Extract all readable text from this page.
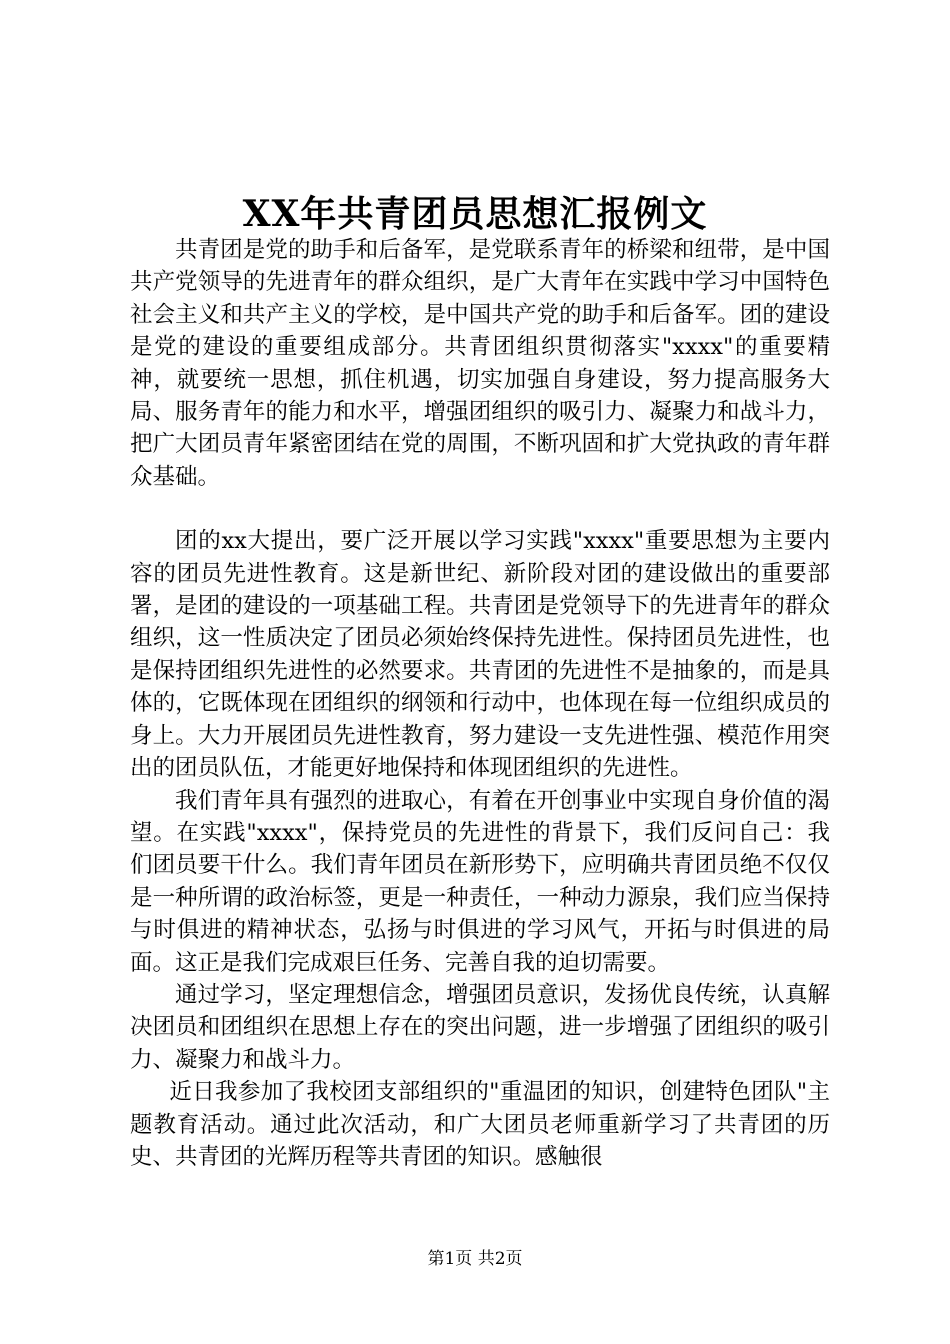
XX年共青团员思想汇报例文

共青团是党的助手和后备军，是党联系青年的桥梁和纽带，是中国共产党领导的先进青年的群众组织，是广大青年在实践中学习中国特色社会主义和共产主义的学校，是中国共产党的助手和后备军。团的建设是党的建设的重要组成部分。共青团组织贯彻落实"xxxx"的重要精神，就要统一思想，抓住机遇，切实加强自身建设，努力提高服务大局、服务青年的能力和水平，增强团组织的吸引力、凝聚力和战斗力，把广大团员青年紧密团结在党的周围，不断巩固和扩大党执政的青年群众基础。

团的xx大提出，要广泛开展以学习实践"xxxx"重要思想为主要内容的团员先进性教育。这是新世纪、新阶段对团的建设做出的重要部署，是团的建设的一项基础工程。共青团是党领导下的先进青年的群众组织，这一性质决定了团员必须始终保持先进性。保持团员先进性，也是保持团组织先进性的必然要求。共青团的先进性不是抽象的，而是具体的，它既体现在团组织的纲领和行动中，也体现在每一位组织成员的身上。大力开展团员先进性教育，努力建设一支先进性强、模范作用突出的团员队伍，才能更好地保持和体现团组织的先进性。

我们青年具有强烈的进取心，有着在开创事业中实现自身价值的渴望。在实践"xxxx"，保持党员的先进性的背景下，我们反问自己：我们团员要干什么。我们青年团员在新形势下，应明确共青团员绝不仅仅是一种所谓的政治标签，更是一种责任，一种动力源泉，我们应当保持与时俱进的精神状态，弘扬与时俱进的学习风气，开拓与时俱进的局面。这正是我们完成艰巨任务、完善自我的迫切需要。

通过学习，坚定理想信念，增强团员意识，发扬优良传统，认真解决团员和团组织在思想上存在的突出问题，进一步增强了团组织的吸引力、凝聚力和战斗力。

近日我参加了我校团支部组织的"重温团的知识，创建特色团队"主题教育活动。通过此次活动，和广大团员老师重新学习了共青团的历史、共青团的光辉历程等共青团的知识。感触很

第1页 共2页
